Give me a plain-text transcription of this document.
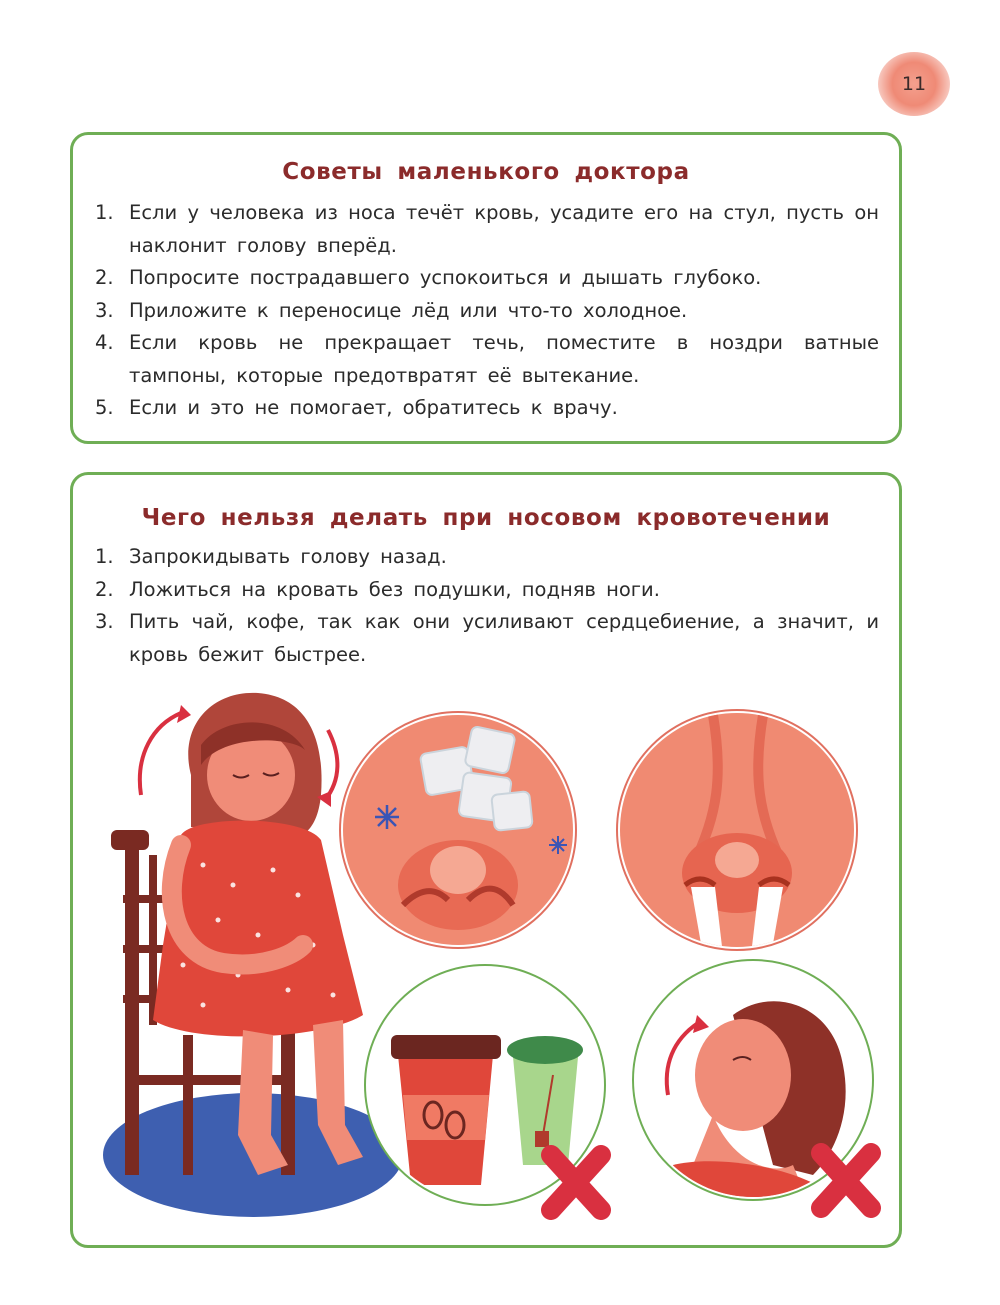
11
Советы маленького доктора
1. Если у человека из носа течёт кровь, усадите его на стул, пусть он наклонит голову вперёд.
2. Попросите пострадавшего успокоиться и дышать глубоко.
3. Приложите к переносице лёд или что-то холодное.
4. Если кровь не прекращает течь, поместите в ноздри ватные тампоны, которые предотвратят её вытекание.
5. Если и это не помогает, обратитесь к врачу.
Чего нельзя делать при носовом кровотечении
1. Запрокидывать голову назад.
2. Ложиться на кровать без подушки, подняв ноги.
3. Пить чай, кофе, так как они усиливают сердцебиение, а значит, и кровь бежит быстрее.
